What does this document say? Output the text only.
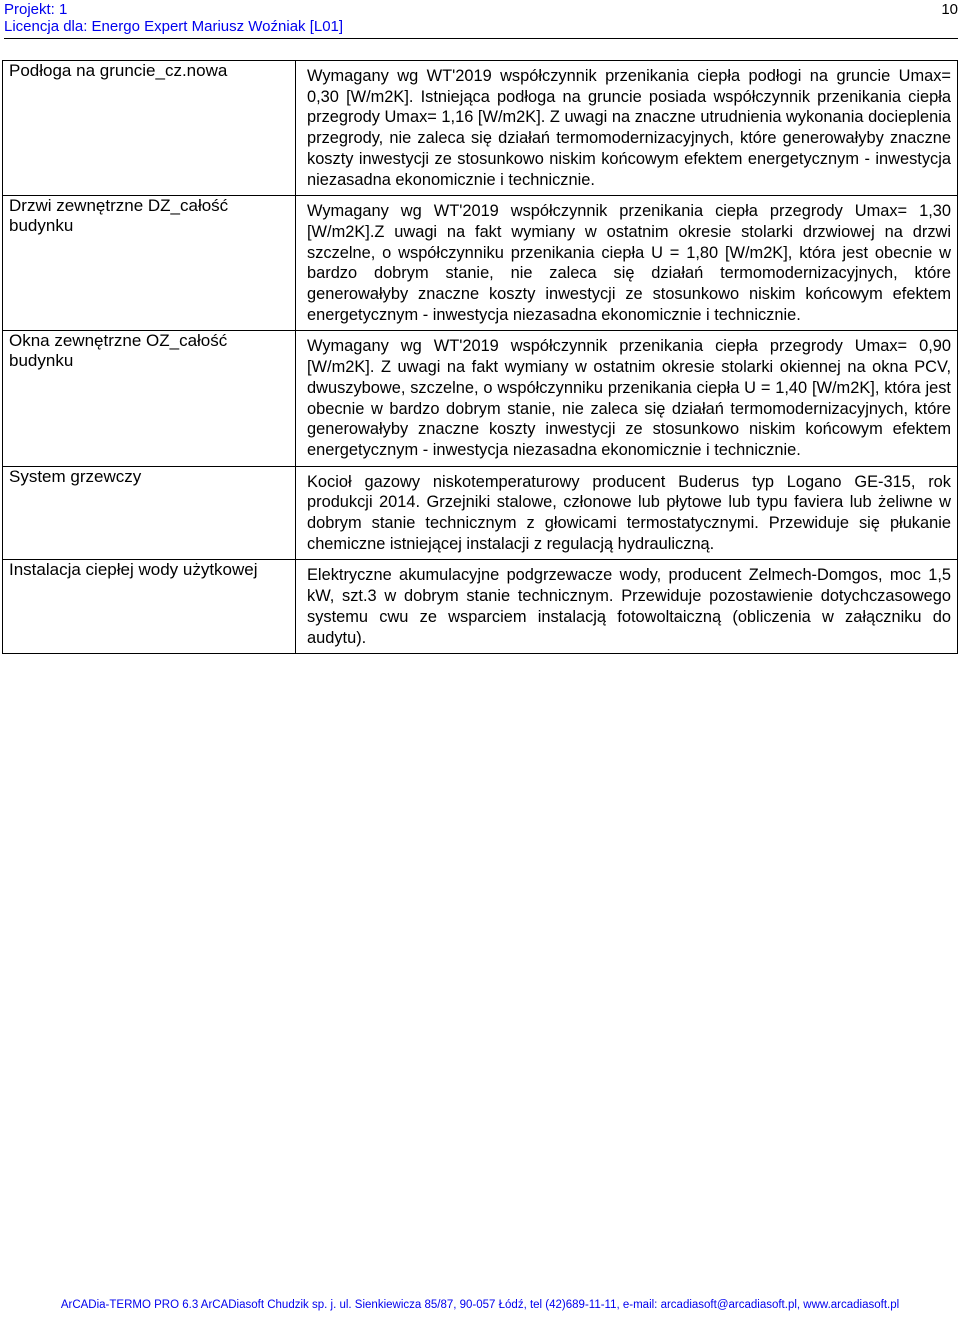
Projekt: 1
Licencja dla: Energo Expert Mariusz Woźniak [L01]
10
Podłoga na gruncie_cz.nowa	Wymagany wg WT'2019 współczynnik przenikania ciepła podłogi na gruncie Umax= 0,30 [W/m2K]. Istniejąca podłoga na gruncie posiada współczynnik przenikania ciepła przegrody Umax= 1,16 [W/m2K]. Z uwagi na znaczne utrudnienia wykonania docieplenia przegrody, nie zaleca się działań termomodernizacyjnych, które generowałyby znaczne koszty inwestycji ze stosunkowo niskim końcowym efektem energetycznym - inwestycja niezasadna ekonomicznie i technicznie.

Drzwi zewnętrzne DZ_całość budynku	Wymagany wg WT'2019 współczynnik przenikania ciepła przegrody Umax= 1,30 [W/m2K].Z uwagi na fakt wymiany w ostatnim okresie stolarki drzwiowej na drzwi szczelne, o współczynniku przenikania ciepła U = 1,80 [W/m2K], która jest obecnie w bardzo dobrym stanie, nie zaleca się działań termomodernizacyjnych, które generowałyby znaczne koszty inwestycji ze stosunkowo niskim końcowym efektem energetycznym - inwestycja niezasadna ekonomicznie i technicznie.

Okna zewnętrzne OZ_całość budynku	Wymagany wg WT'2019 współczynnik przenikania ciepła przegrody Umax= 0,90 [W/m2K]. Z uwagi na fakt wymiany w ostatnim okresie stolarki okiennej na okna PCV, dwuszybowe, szczelne, o współczynniku przenikania ciepła U = 1,40 [W/m2K], która jest obecnie w bardzo dobrym stanie, nie zaleca się działań termomodernizacyjnych, które generowałyby znaczne koszty inwestycji ze stosunkowo niskim końcowym efektem energetycznym - inwestycja niezasadna ekonomicznie i technicznie.

System grzewczy	Kocioł gazowy niskotemperaturowy producent Buderus typ Logano GE-315, rok produkcji 2014. Grzejniki stalowe, członowe lub płytowe lub typu faviera lub żeliwne w dobrym stanie technicznym z głowicami termostatycznymi. Przewiduje się płukanie chemiczne istniejącej instalacji z regulacją hydrauliczną.

Instalacja ciepłej wody użytkowej	Elektryczne akumulacyjne podgrzewacze wody, producent Zelmech-Domgos, moc 1,5 kW, szt.3 w dobrym stanie technicznym. Przewiduje pozostawienie dotychczasowego systemu cwu ze wsparciem instalacją fotowoltaiczną (obliczenia w załączniku do audytu).
ArCADia-TERMO PRO 6.3 ArCADiasoft Chudzik sp. j. ul. Sienkiewicza 85/87, 90-057 Łódź, tel (42)689-11-11, e-mail: arcadiasoft@arcadiasoft.pl, www.arcadiasoft.pl
